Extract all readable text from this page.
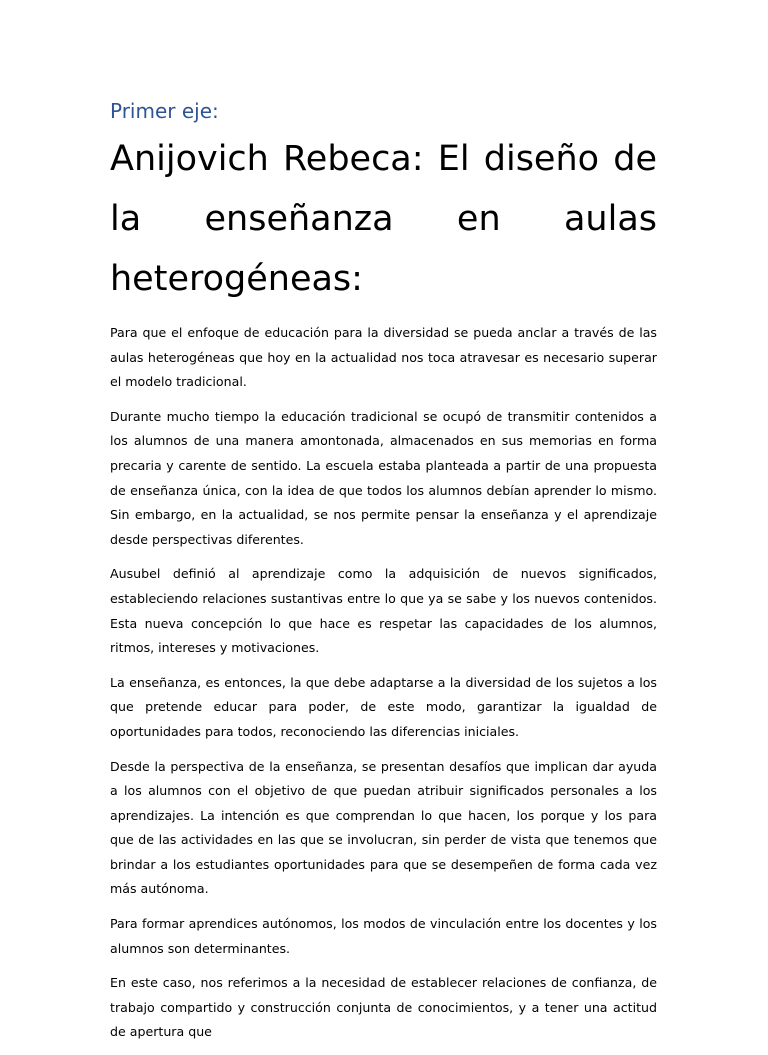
Primer eje:
Anijovich Rebeca: El diseño de la enseñanza en aulas heterogéneas:

Para que el enfoque de educación para la diversidad se pueda anclar a través de las aulas heterogéneas que hoy en la actualidad nos toca atravesar es necesario superar el modelo tradicional.

Durante mucho tiempo la educación tradicional se ocupó de transmitir contenidos a los alumnos de una manera amontonada, almacenados en sus memorias en forma precaria y carente de sentido. La escuela estaba planteada a partir de una propuesta de enseñanza única, con la idea de que todos los alumnos debían aprender lo mismo. Sin embargo, en la actualidad, se nos permite pensar la enseñanza y el aprendizaje desde perspectivas diferentes.

Ausubel definió al aprendizaje como la adquisición de nuevos significados, estableciendo relaciones sustantivas entre lo que ya se sabe y los nuevos contenidos. Esta nueva concepción lo que hace es respetar las capacidades de los alumnos, ritmos, intereses y motivaciones.

La enseñanza, es entonces, la que debe adaptarse a la diversidad de los sujetos a los que pretende educar para poder, de este modo, garantizar la igualdad de oportunidades para todos, reconociendo las diferencias iniciales.

Desde la perspectiva de la enseñanza, se presentan desafíos que implican dar ayuda a los alumnos con el objetivo de que puedan atribuir significados personales a los aprendizajes. La intención es que comprendan lo que hacen, los porque y los para que de las actividades en las que se involucran, sin perder de vista que tenemos que brindar a los estudiantes oportunidades para que se desempeñen de forma cada vez más autónoma.

Para formar aprendices autónomos, los modos de vinculación entre los docentes y los alumnos son determinantes.

En este caso, nos referimos a la necesidad de establecer relaciones de confianza, de trabajo compartido y construcción conjunta de conocimientos, y a tener una actitud de apertura que
